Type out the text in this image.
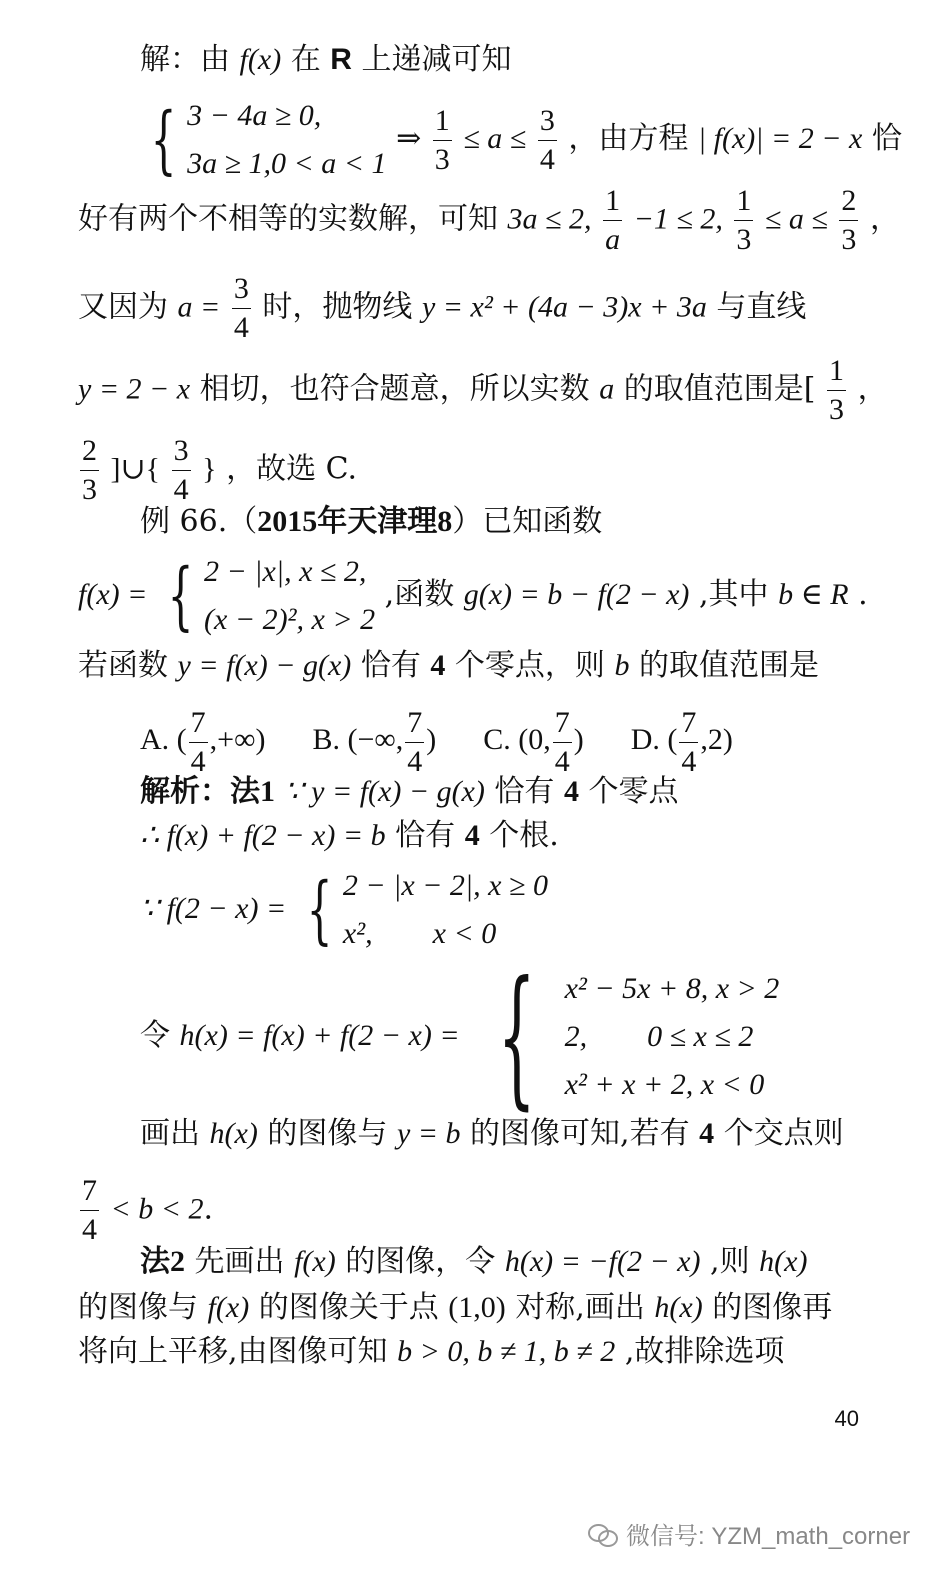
解：由 f(x) 在 R 上递减可知
{ 3 − 4a ≥ 0,
3a ≥ 1,0 < a < 1
⇒ $\frac{1}{3} \le a \le \frac{3}{4}$ ，由方程 | f(x)| = 2 − x 恰
好有两个不相等的实数解，可知 3a ≤ 2, $\frac{1}{a} -1 \le 2$, $\frac{1}{3} \le a \le \frac{2}{3}$ ，
又因为 $a = \frac{3}{4}$ 时，抛物线 y = x² + (4a − 3)x + 3a 与直线
y = 2 − x 相切，也符合题意，所以实数 a 的取值范围是[ $\frac{1}{3}$ ，
$\frac{2}{3}$ ]∪{ $\frac{3}{4}$ } ，故选 C.
例 66.（2015年天津理8）已知函数
f(x) = { 2 − |x|, x ≤ 2,
(x − 2)², x > 2
,函数 g(x) = b − f(2 − x) ,其中 b ∈ R .
若函数 y = f(x) − g(x) 恰有 4 个零点，则 b 的取值范围是
A. ( $\frac{7}{4}$ ,+∞) B. (−∞, $\frac{7}{4}$ ) C. (0, $\frac{7}{4}$ ) D. ( $\frac{7}{4} ,2$)
解析：法1 ∵ y = f(x) − g(x) 恰有 4 个零点
∴ f(x) + f(2 − x) = b 恰有 4 个根.
∵ f(2 − x) = { 2 − |x − 2|, x ≥ 0
x²,        x < 0
令 h(x) = f(x) + f(2 − x) = { x² − 5x + 8, x > 2
2,        0 ≤ x ≤ 2
x² + x + 2, x < 0
画出 h(x) 的图像与 y = b 的图像可知,若有 4 个交点则
$\frac{7}{4} < b < 2$.
法2 先画出 f(x) 的图像，令 h(x) = −f(2 − x) ,则 h(x)
的图像与 f(x) 的图像关于点 (1,0) 对称,画出 h(x) 的图像再
将向上平移,由图像可知 b > 0, b ≠ 1, b ≠ 2 ,故排除选项
40
微信号: YZM_math_corner
